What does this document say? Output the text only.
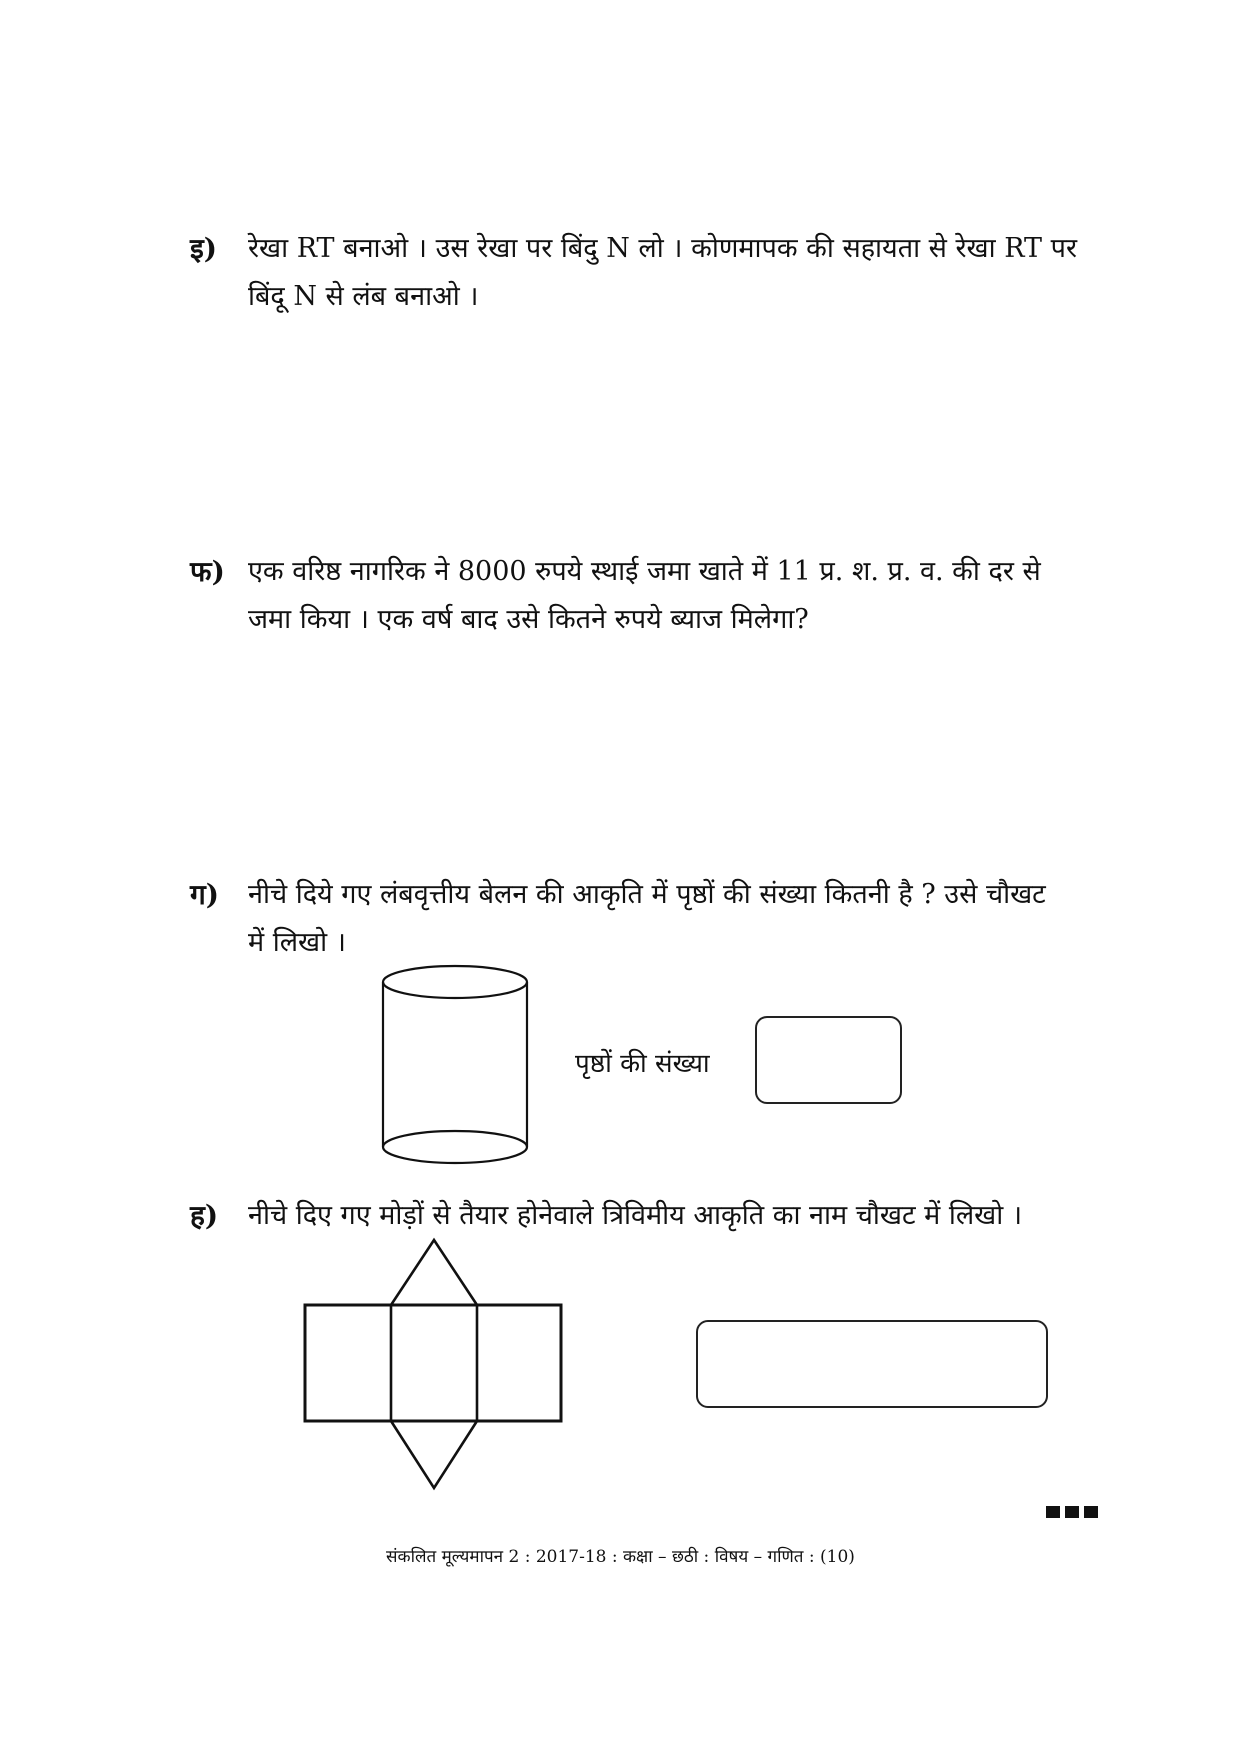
इ) रेखा RT बनाओ । उस रेखा पर बिंदु N लो । कोणमापक की सहायता से रेखा RT पर
बिंदू N से लंब बनाओ ।
फ) एक वरिष्ठ नागरिक ने 8000 रुपये स्थाई जमा खाते में 11 प्र. श. प्र. व. की दर से
जमा किया । एक वर्ष बाद उसे कितने रुपये ब्याज मिलेगा?
ग) नीचे दिये गए लंबवृत्तीय बेलन की आकृति में पृष्ठों की संख्या कितनी है ? उसे चौखट
में लिखो ।
पृष्ठों की संख्या
ह) नीचे दिए गए मोड़ों से तैयार होनेवाले त्रिविमीय आकृति का नाम चौखट में लिखो ।
संकलित मूल्यमापन 2 : 2017-18 : कक्षा – छठी : विषय – गणित : (10)
